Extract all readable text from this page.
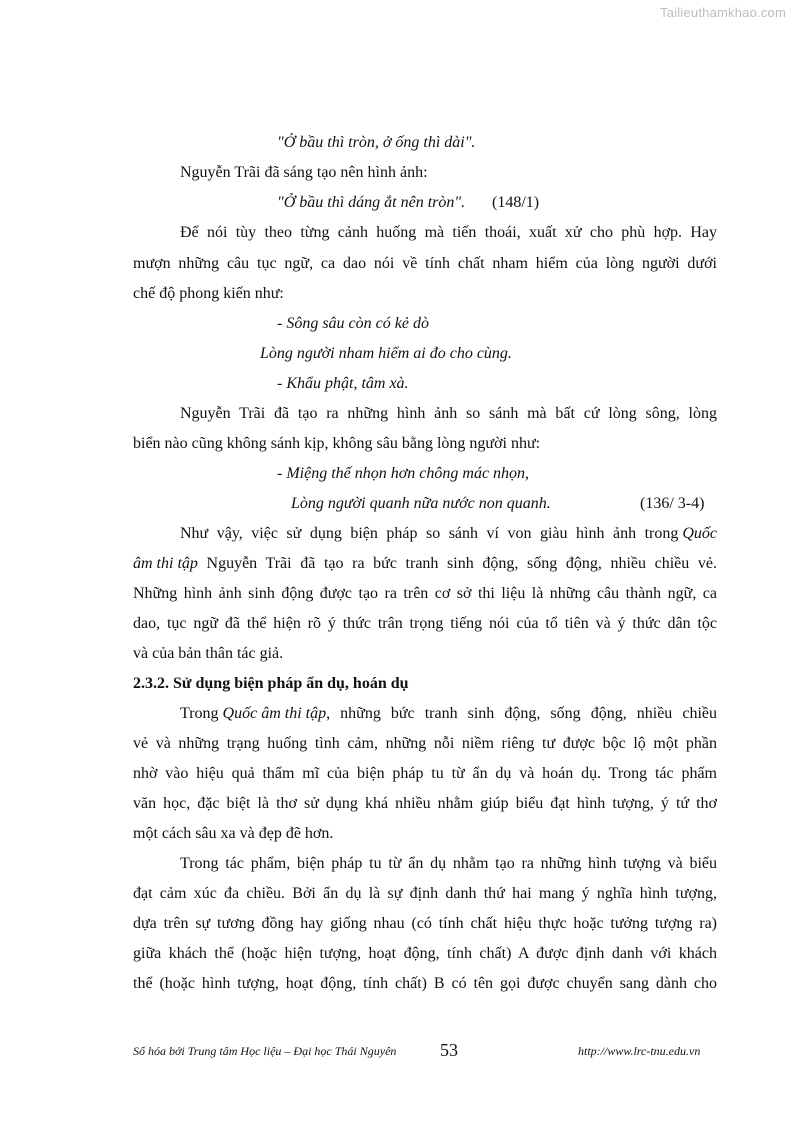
Tailieuthamkhao.com
"Ở bầu thì tròn, ở ống thì dài".
Nguyễn Trãi đã sáng tạo nên hình ảnh:
"Ở bầu thì dáng ắt nên tròn". (148/1)
Để nói tùy theo từng cảnh huống mà tiến thoái, xuất xử cho phù hợp. Hay
mượn những câu tục ngữ, ca dao nói về tính chất nham hiểm của lòng người dưới
chế độ phong kiến như:
- Sông sâu còn có kẻ dò
Lòng người nham hiểm ai đo cho cùng.
- Khẩu phật, tâm xà.
Nguyễn Trãi đã tạo ra những hình ảnh so sánh mà bất cứ lòng sông, lòng
biển nào cũng không sánh kịp, không sâu bằng lòng người như:
- Miệng thế nhọn hơn chông mác nhọn,
Lòng người quanh nữa nước non quanh.	(136/ 3-4)
Như vậy, việc sử dụng biện pháp so sánh ví von giàu hình ảnh trong Quốc
âm thi tập Nguyễn Trãi đã tạo ra bức tranh sinh động, sống động, nhiều chiều vẻ.
Những hình ảnh sinh động được tạo ra trên cơ sở thi liệu là những câu thành ngữ, ca
dao, tục ngữ đã thể hiện rõ ý thức trân trọng tiếng nói của tổ tiên và ý thức dân tộc
và của bản thân tác giả.
2.3.2. Sử dụng biện pháp ẩn dụ, hoán dụ
Trong Quốc âm thi tập , những bức tranh sinh động, sống động, nhiều chiều
vẻ và những trạng huống tình cảm, những nỗi niềm riêng tư được bộc lộ một phần
nhờ vào hiệu quả thẩm mĩ của biện pháp tu từ ẩn dụ và hoán dụ. Trong tác phẩm
văn học, đặc biệt là thơ sử dụng khá nhiều nhằm giúp biểu đạt hình tượng, ý tứ thơ
một cách sâu xa và đẹp đẽ hơn.
Trong tác phẩm, biện pháp tu từ ẩn dụ nhằm tạo ra những hình tượng và biểu
đạt cảm xúc đa chiều. Bởi ẩn dụ là sự định danh thứ hai mang ý nghĩa hình tượng,
dựa trên sự tương đồng hay giống nhau (có tính chất hiệu thực hoặc tưởng tượng ra)
giữa khách thể (hoặc hiện tượng, hoạt động, tính chất) A được định danh với khách
thể (hoặc hình tượng, hoạt động, tính chất) B có tên gọi được chuyển sang dành cho
Số hóa bởi Trung tâm Học liệu – Đại học Thái Nguyên 53	http://www.lrc-tnu.edu.vn
